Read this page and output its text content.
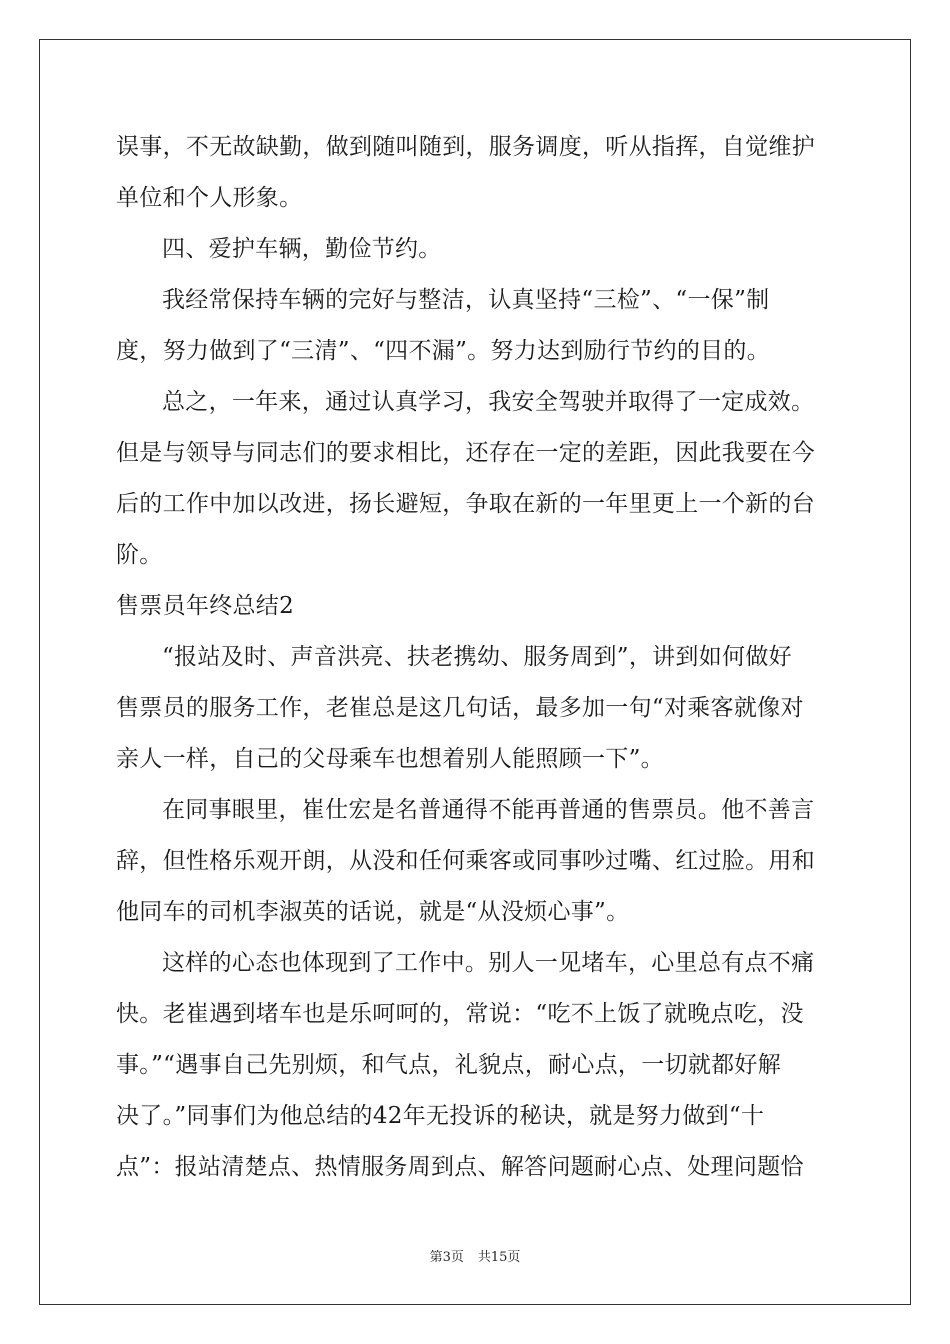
误事，不无故缺勤，做到随叫随到，服务调度，听从指挥，自觉维护
单位和个人形象。
四、爱护车辆，勤俭节约。
我经常保持车辆的完好与整洁，认真坚持“三检”、“一保”制
度，努力做到了“三清”、“四不漏”。努力达到励行节约的目的。
总之，一年来，通过认真学习，我安全驾驶并取得了一定成效。
但是与领导与同志们的要求相比，还存在一定的差距，因此我要在今
后的工作中加以改进，扬长避短，争取在新的一年里更上一个新的台
阶。
售票员年终总结2
“报站及时、声音洪亮、扶老携幼、服务周到”，讲到如何做好
售票员的服务工作，老崔总是这几句话，最多加一句“对乘客就像对
亲人一样，自己的父母乘车也想着别人能照顾一下”。
在同事眼里，崔仕宏是名普通得不能再普通的售票员。他不善言
辞，但性格乐观开朗，从没和任何乘客或同事吵过嘴、红过脸。用和
他同车的司机李淑英的话说，就是“从没烦心事”。
这样的心态也体现到了工作中。别人一见堵车，心里总有点不痛
快。老崔遇到堵车也是乐呵呵的，常说：“吃不上饭了就晚点吃，没
事。”“遇事自己先别烦，和气点，礼貌点，耐心点，一切就都好解
决了。”同事们为他总结的42年无投诉的秘诀，就是努力做到“十
点”：报站清楚点、热情服务周到点、解答问题耐心点、处理问题恰
第3页 共15页
